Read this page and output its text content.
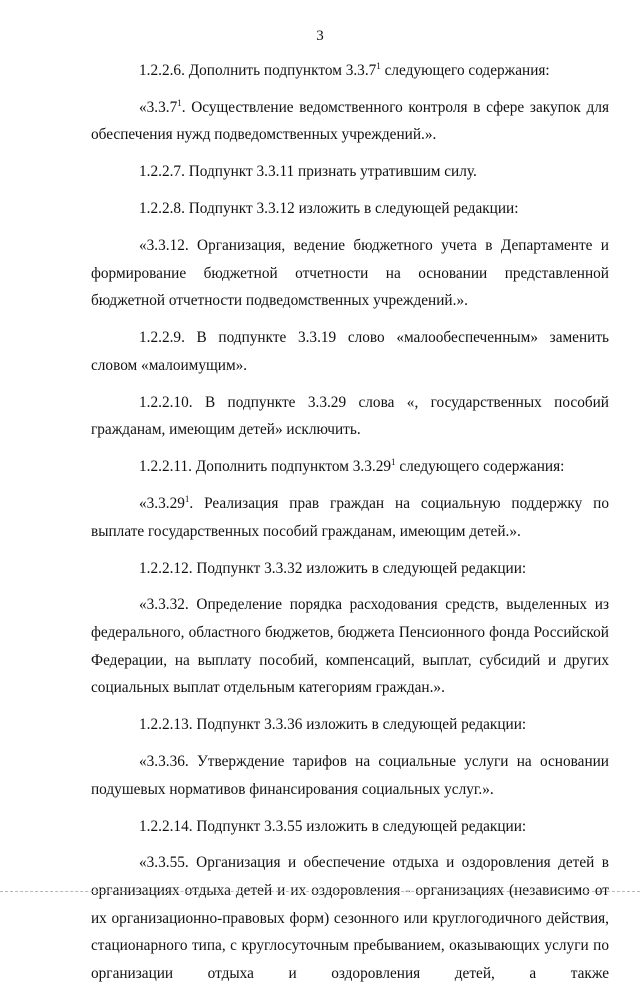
3

1.2.2.6. Дополнить подпунктом 3.3.7$^1$ следующего содержания:

«3.3.7$^1$. Осуществление ведомственного контроля в сфере закупок для обеспечения нужд подведомственных учреждений.».

1.2.2.7. Подпункт 3.3.11 признать утратившим силу.

1.2.2.8. Подпункт 3.3.12 изложить в следующей редакции:

«3.3.12. Организация, ведение бюджетного учета в Департаменте и формирование бюджетной отчетности на основании представленной бюджетной отчетности подведомственных учреждений.».

1.2.2.9. В подпункте 3.3.19 слово «малообеспеченным» заменить словом «малоимущим».

1.2.2.10. В подпункте 3.3.29 слова «, государственных пособий гражданам, имеющим детей» исключить.

1.2.2.11. Дополнить подпунктом 3.3.29$^1$ следующего содержания:

«3.3.29$^1$. Реализация прав граждан на социальную поддержку по выплате государственных пособий гражданам, имеющим детей.».

1.2.2.12. Подпункт 3.3.32 изложить в следующей редакции:

«3.3.32. Определение порядка расходования средств, выделенных из федерального, областного бюджетов, бюджета Пенсионного фонда Российской Федерации, на выплату пособий, компенсаций, выплат, субсидий и других социальных выплат отдельным категориям граждан.».

1.2.2.13. Подпункт 3.3.36 изложить в следующей редакции:

«3.3.36. Утверждение тарифов на социальные услуги на основании подушевых нормативов финансирования социальных услуг.».

1.2.2.14. Подпункт 3.3.55 изложить в следующей редакции:

«3.3.55. Организация и обеспечение отдыха и оздоровления детей в организациях отдыха детей и их оздоровления - организациях (независимо от их организационно-правовых форм) сезонного или круглогодичного действия, стационарного типа, с круглосуточным пребыванием, оказывающих услуги по организации отдыха и оздоровления детей, а также
